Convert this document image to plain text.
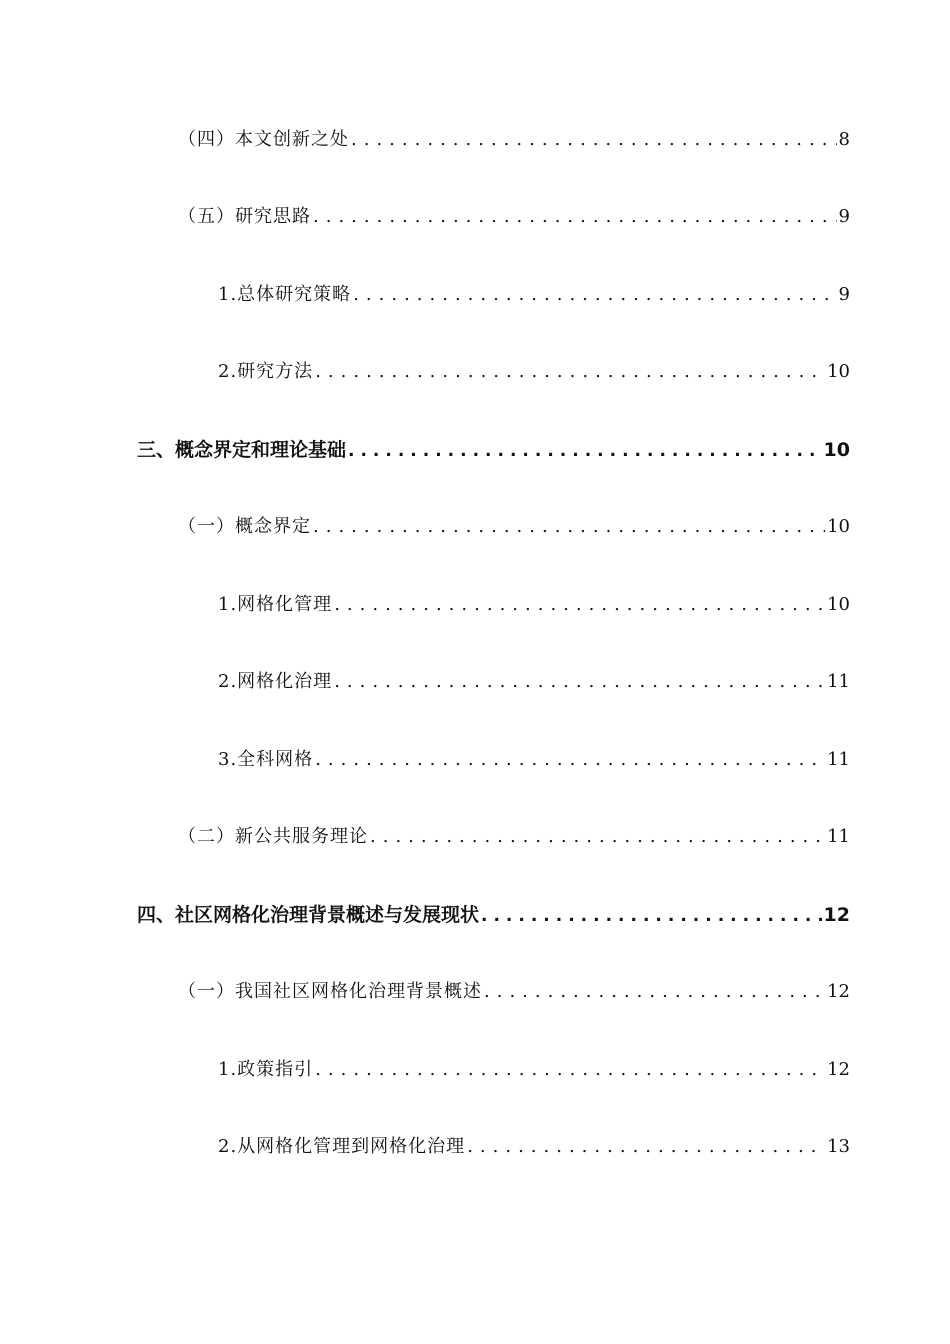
（四）本文创新之处 .....	8
（五）研究思路 .....	9
1.总体研究策略 .....	9
2.研究方法 .....	10
三、概念界定和理论基础 .....	10
（一）概念界定 .....	10
1.网格化管理 .....	10
2.网格化治理 .....	11
3.全科网格 .....	11
（二）新公共服务理论 .....	11
四、社区网格化治理背景概述与发展现状 .....	12
（一）我国社区网格化治理背景概述 .....	12
1.政策指引 .....	12
2.从网格化管理到网格化治理 .....	13
